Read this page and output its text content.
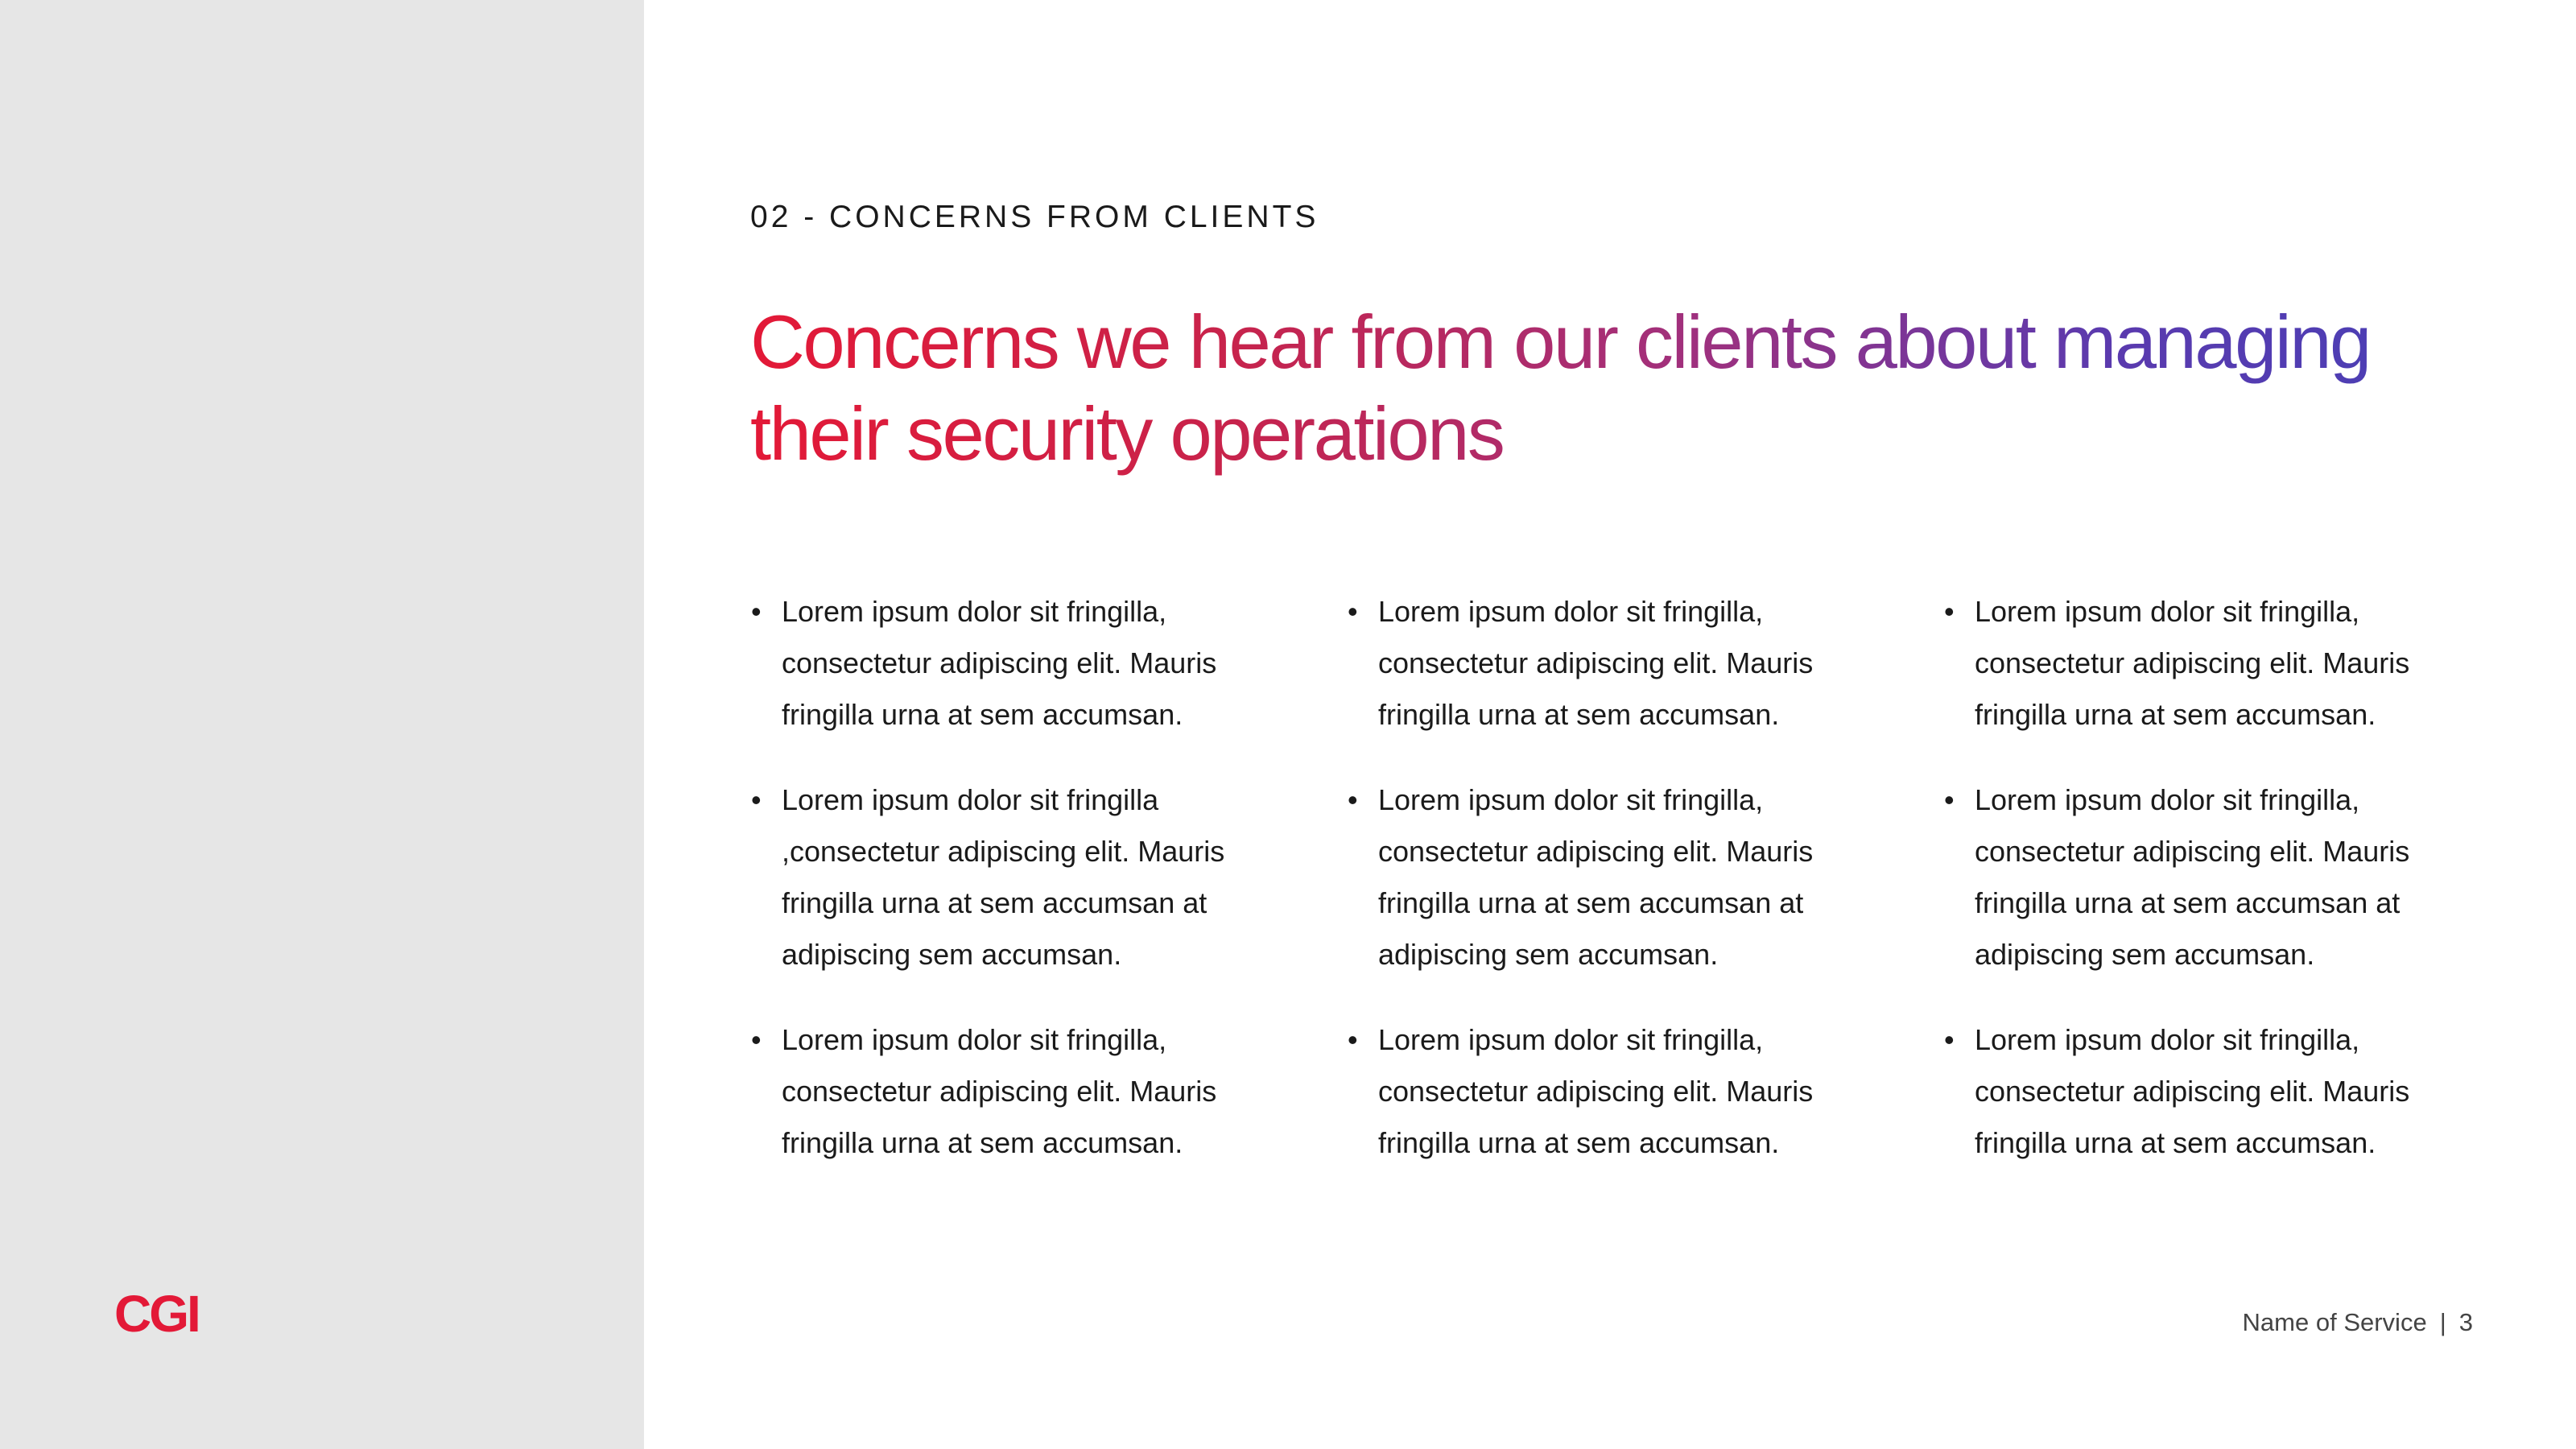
CGI
02 - CONCERNS FROM CLIENTS
Concerns we hear from our clients about managing
their security operations
• Lorem ipsum dolor sit fringilla, consectetur adipiscing elit. Mauris fringilla urna at sem accumsan.
• Lorem ipsum dolor sit fringilla ,consectetur adipiscing elit. Mauris fringilla urna at sem accumsan at adipiscing sem accumsan.
• Lorem ipsum dolor sit fringilla, consectetur adipiscing elit. Mauris fringilla urna at sem accumsan.
• Lorem ipsum dolor sit fringilla, consectetur adipiscing elit. Mauris fringilla urna at sem accumsan.
• Lorem ipsum dolor sit fringilla, consectetur adipiscing elit. Mauris fringilla urna at sem accumsan at adipiscing sem accumsan.
• Lorem ipsum dolor sit fringilla, consectetur adipiscing elit. Mauris fringilla urna at sem accumsan.
• Lorem ipsum dolor sit fringilla, consectetur adipiscing elit. Mauris fringilla urna at sem accumsan.
• Lorem ipsum dolor sit fringilla, consectetur adipiscing elit. Mauris fringilla urna at sem accumsan at adipiscing sem accumsan.
• Lorem ipsum dolor sit fringilla, consectetur adipiscing elit. Mauris fringilla urna at sem accumsan.
Name of Service | 3
